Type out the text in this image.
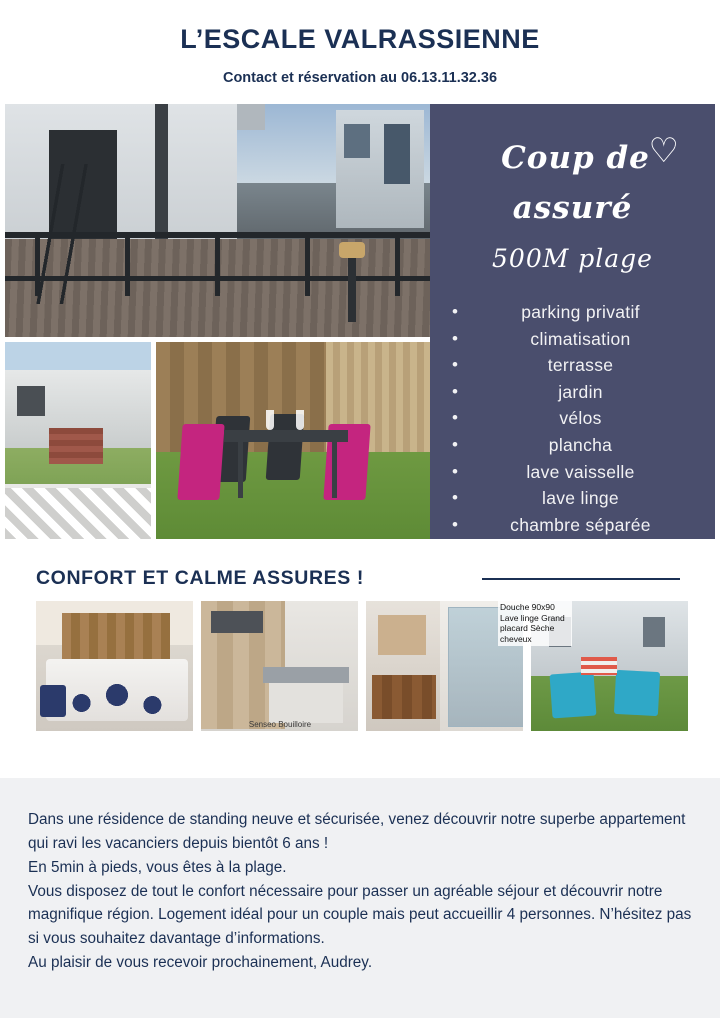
L’ESCALE VALRASSIENNE
Contact et réservation au 06.13.11.32.36
♡
Coup de
assuré
500M plage
• parking privatif
• climatisation
• terrasse
• jardin
• vélos
• plancha
• lave vaisselle
• lave linge
• chambre séparée
CONFORT ET CALME ASSURES !
Senseo Bouilloire
Douche 90x90 Lave linge Grand placard Sèche cheveux

Dans une résidence de standing neuve et sécurisée, venez découvrir notre superbe appartement qui ravi les vacanciers depuis bientôt 6 ans !

En 5min à pieds, vous êtes à la plage.

Vous disposez de tout le confort nécessaire pour passer un agréable séjour et découvrir notre magnifique région. Logement idéal pour un couple mais peut accueillir 4 personnes. N’hésitez pas si vous souhaitez davantage d’informations.

Au plaisir de vous recevoir prochainement, Audrey.
